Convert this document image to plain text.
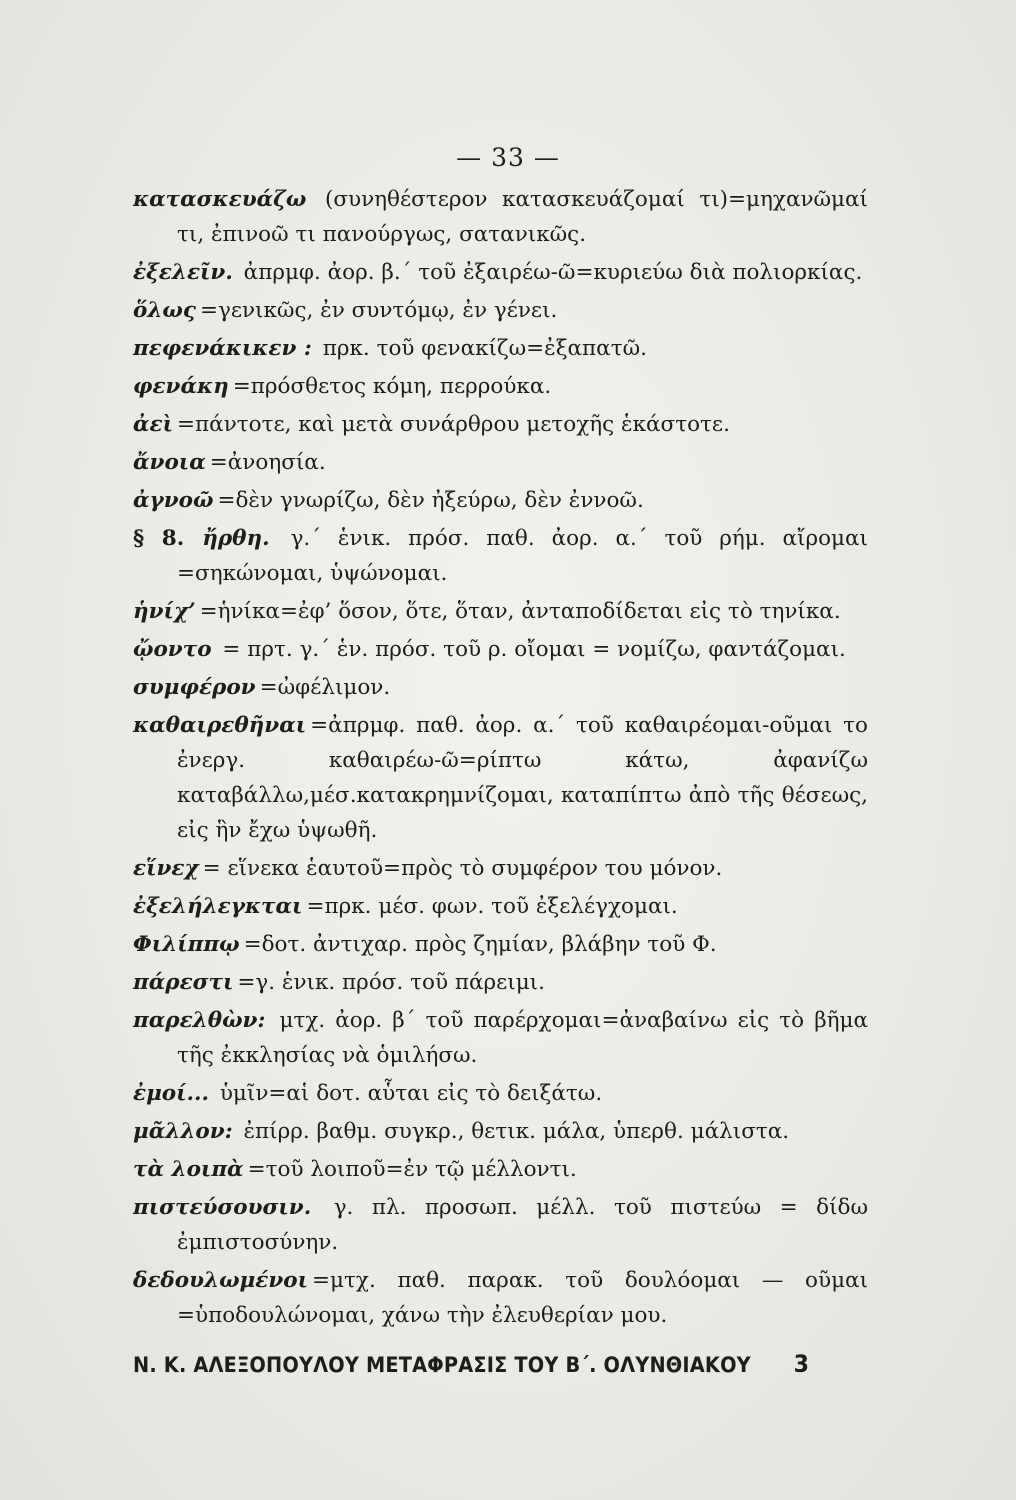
— 33 —

κατασκευάζω (συνηθέστερον κατασκευάζομαί τι)=μηχανῶμαί τι, ἐπινοῶ τι πανούργως, σατανικῶς.

ἐξελεῖν. ἀπρμφ. ἀορ. β.΄ τοῦ ἐξαιρέω-ῶ=κυριεύω διὰ πολιορκίας.

ὅλως =γενικῶς, ἐν συντόμῳ, ἐν γένει.

πεφενάκικεν : πρκ. τοῦ φενακίζω=ἐξαπατῶ.

φενάκη =πρόσθετος κόμη, περρούκα.

ἀεὶ =πάντοτε, καὶ μετὰ συνάρθρου μετοχῆς ἑκάστοτε.

ἄνοια =ἀνοησία.

ἀγνοῶ =δὲν γνωρίζω, δὲν ἠξεύρω, δὲν ἐννοῶ.

§ 8. ἤρθη. γ.΄ ἑνικ. πρόσ. παθ. ἀορ. α.΄ τοῦ ρήμ. αἴρομαι =σηκώνομαι, ὑψώνομαι.

ἡνίχ’ =ἡνίκα=ἐφ’ ὅσον, ὅτε, ὅταν, ἀνταποδίδεται εἰς τὸ τηνίκα.

ᾤοντο = πρτ. γ.΄ ἑν. πρόσ. τοῦ ρ. οἴομαι = νομίζω, φαντάζομαι.

συμφέρον =ὠφέλιμον.

καθαιρεθῆναι =ἀπρμφ. παθ. ἀορ. α.΄ τοῦ καθαιρέομαι-οῦμαι το ἐνεργ. καθαιρέω-ῶ=ρίπτω κάτω, ἀφανίζω καταβάλλω,μέσ.κατακρημνίζομαι, καταπίπτω ἀπὸ τῆς θέσεως, εἰς ἣν ἔχω ὑψωθῆ.

εἵνεχ = εἵνεκα ἑαυτοῦ=πρὸς τὸ συμφέρον του μόνον.

ἐξελήλεγκται =πρκ. μέσ. φων. τοῦ ἐξελέγχομαι.

Φιλίππῳ =δοτ. ἀντιχαρ. πρὸς ζημίαν, βλάβην τοῦ Φ.

πάρεστι =γ. ἑνικ. πρόσ. τοῦ πάρειμι.

παρελθὼν: μτχ. ἀορ. β΄ τοῦ παρέρχομαι=ἀναβαίνω εἰς τὸ βῆμα τῆς ἐκκλησίας νὰ ὁμιλήσω.

ἐμοί... ὑμῖν=αἱ δοτ. αὗται εἰς τὸ δειξάτω.

μᾶλλον: ἐπίρρ. βαθμ. συγκρ., θετικ. μάλα, ὑπερθ. μάλιστα.

τὰ λοιπὰ =τοῦ λοιποῦ=ἐν τῷ μέλλοντι.

πιστεύσουσιν. γ. πλ. προσωπ. μέλλ. τοῦ πιστεύω = δίδω ἐμπιστοσύνην.

δεδουλωμένοι =μτχ. παθ. παρακ. τοῦ δουλόομαι — οῦμαι =ὑποδουλώνομαι, χάνω τὴν ἐλευθερίαν μου.

Ν. Κ. ΑΛΕΞΟΠΟΥΛΟΥ ΜΕΤΑΦΡΑΣΙΣ ΤΟΥ Β΄. ΟΛΥΝΘΙΑΚΟΥ 3
